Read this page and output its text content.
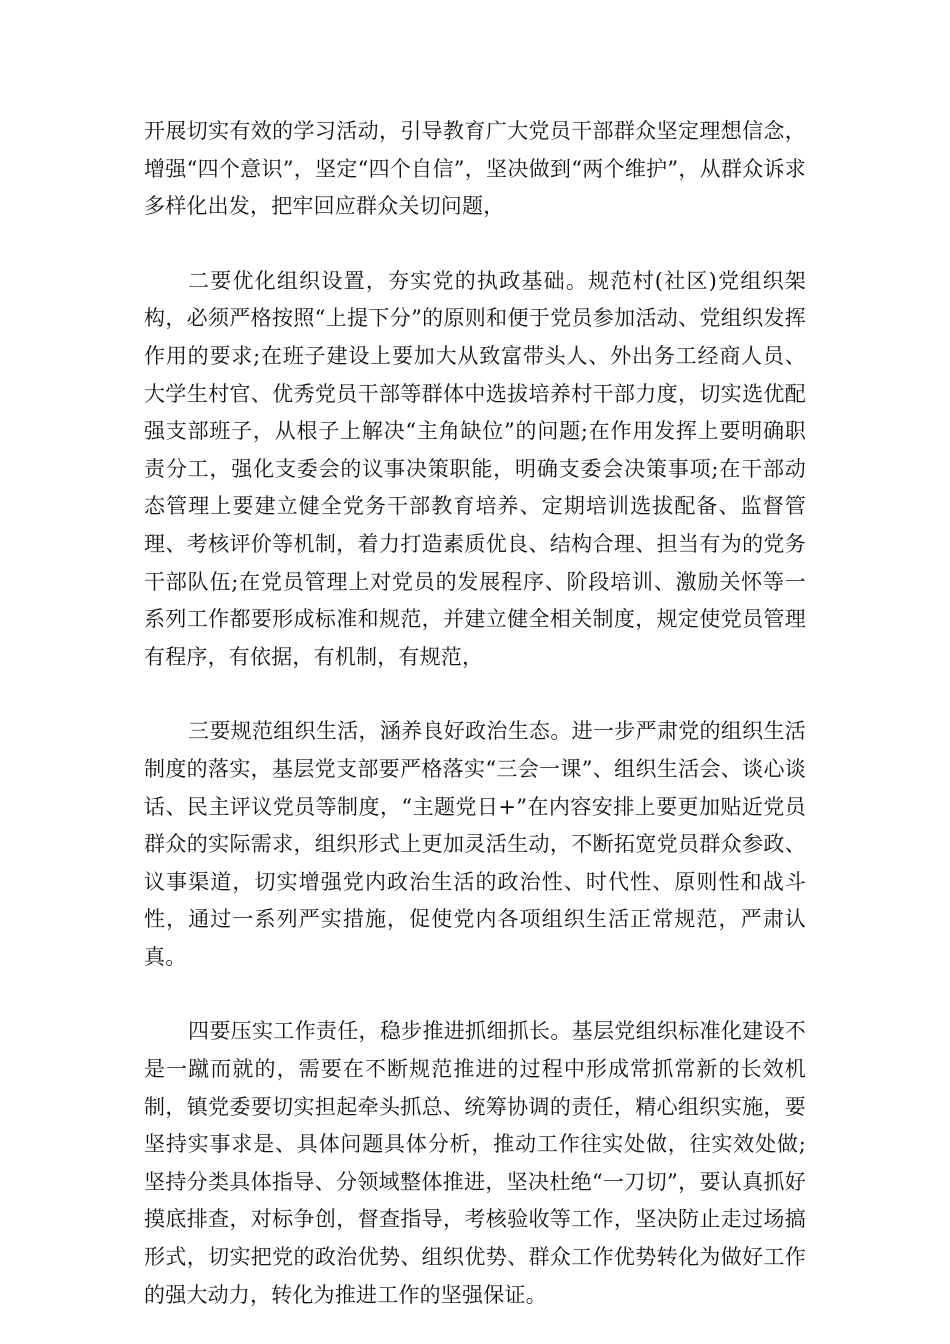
开展切实有效的学习活动，引导教育广大党员干部群众坚定理想信念，增强“四个意识”，坚定“四个自信”，坚决做到“两个维护”，从群众诉求多样化出发，把牢回应群众关切问题，

二要优化组织设置，夯实党的执政基础。规范村(社区)党组织架构，必须严格按照“上提下分”的原则和便于党员参加活动、党组织发挥作用的要求;在班子建设上要加大从致富带头人、外出务工经商人员、大学生村官、优秀党员干部等群体中选拔培养村干部力度，切实选优配强支部班子，从根子上解决“主角缺位”的问题;在作用发挥上要明确职责分工，强化支委会的议事决策职能，明确支委会决策事项;在干部动态管理上要建立健全党务干部教育培养、定期培训选拔配备、监督管理、考核评价等机制，着力打造素质优良、结构合理、担当有为的党务干部队伍;在党员管理上对党员的发展程序、阶段培训、激励关怀等一系列工作都要形成标准和规范，并建立健全相关制度，规定使党员管理有程序，有依据，有机制，有规范，

三要规范组织生活，涵养良好政治生态。进一步严肃党的组织生活制度的落实，基层党支部要严格落实“三会一课”、组织生活会、谈心谈话、民主评议党员等制度，“主题党日+”在内容安排上要更加贴近党员群众的实际需求，组织形式上更加灵活生动，不断拓宽党员群众参政、议事渠道，切实增强党内政治生活的政治性、时代性、原则性和战斗性，通过一系列严实措施，促使党内各项组织生活正常规范，严肃认真。

四要压实工作责任，稳步推进抓细抓长。基层党组织标准化建设不是一蹴而就的，需要在不断规范推进的过程中形成常抓常新的长效机制，镇党委要切实担起牵头抓总、统筹协调的责任，精心组织实施，要坚持实事求是、具体问题具体分析，推动工作往实处做，往实效处做;坚持分类具体指导、分领域整体推进，坚决杜绝“一刀切”，要认真抓好摸底排查，对标争创，督查指导，考核验收等工作，坚决防止走过场搞形式，切实把党的政治优势、组织优势、群众工作优势转化为做好工作的强大动力，转化为推进工作的坚强保证。
